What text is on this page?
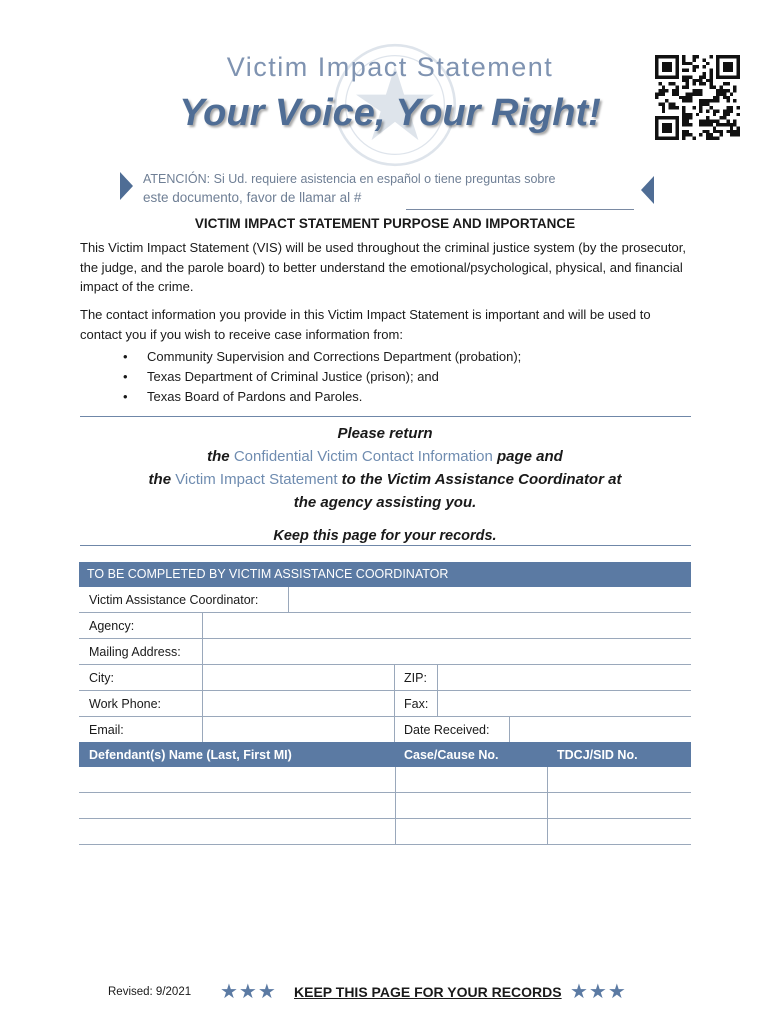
Victim Impact Statement
Your Voice, Your Right!
ATENCIÓN: Si Ud. requiere asistencia en español o tiene preguntas sobre
este documento, favor de llamar al #
VICTIM IMPACT STATEMENT PURPOSE AND IMPORTANCE
This Victim Impact Statement (VIS) will be used throughout the criminal justice system (by the prosecutor, the judge, and the parole board) to better understand the emotional/psychological, physical, and financial impact of the crime.
The contact information you provide in this Victim Impact Statement is important and will be used to contact you if you wish to receive case information from:
• Community Supervision and Corrections Department (probation);
• Texas Department of Criminal Justice (prison); and
• Texas Board of Pardons and Paroles.
Please return
the Confidential Victim Contact Information page and
the Victim Impact Statement to the Victim Assistance Coordinator at
the agency assisting you.
Keep this page for your records.
TO BE COMPLETED BY VICTIM ASSISTANCE COORDINATOR
Victim Assistance Coordinator:
Agency:
Mailing Address:
City:	ZIP:
Work Phone:	Fax:
Email:	Date Received:
Defendant(s) Name (Last, First MI)	Case/Cause No.	TDCJ/SID No.
Revised: 9/2021 ★★★ KEEP THIS PAGE FOR YOUR RECORDS ★★★
